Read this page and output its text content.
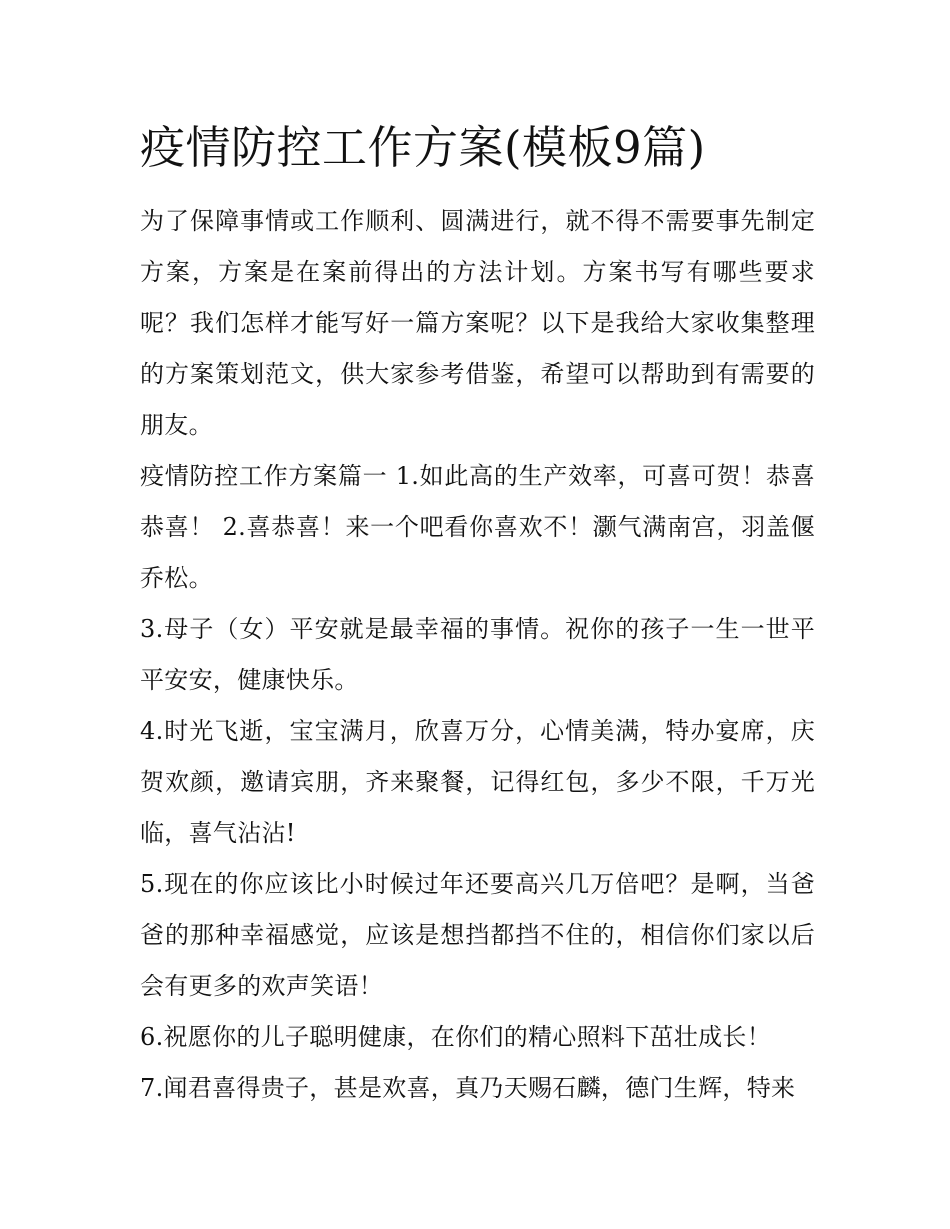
疫情防控工作方案(模板9篇)

为了保障事情或工作顺利、圆满进行，就不得不需要事先制定方案，方案是在案前得出的方法计划。方案书写有哪些要求呢？我们怎样才能写好一篇方案呢？以下是我给大家收集整理的方案策划范文，供大家参考借鉴，希望可以帮助到有需要的朋友。

疫情防控工作方案篇一 1.如此高的生产效率，可喜可贺！恭喜恭喜！ 2.喜恭喜！来一个吧看你喜欢不！灏气满南宫，羽盖偃乔松。

3.母子（女）平安就是最幸福的事情。祝你的孩子一生一世平平安安，健康快乐。

4.时光飞逝，宝宝满月，欣喜万分，心情美满，特办宴席，庆贺欢颜，邀请宾朋，齐来聚餐，记得红包，多少不限，千万光临，喜气沾沾!

5.现在的你应该比小时候过年还要高兴几万倍吧？是啊，当爸爸的那种幸福感觉，应该是想挡都挡不住的，相信你们家以后会有更多的欢声笑语！

6.祝愿你的儿子聪明健康，在你们的精心照料下茁壮成长！

7.闻君喜得贵子，甚是欢喜，真乃天赐石麟，德门生辉，特来
